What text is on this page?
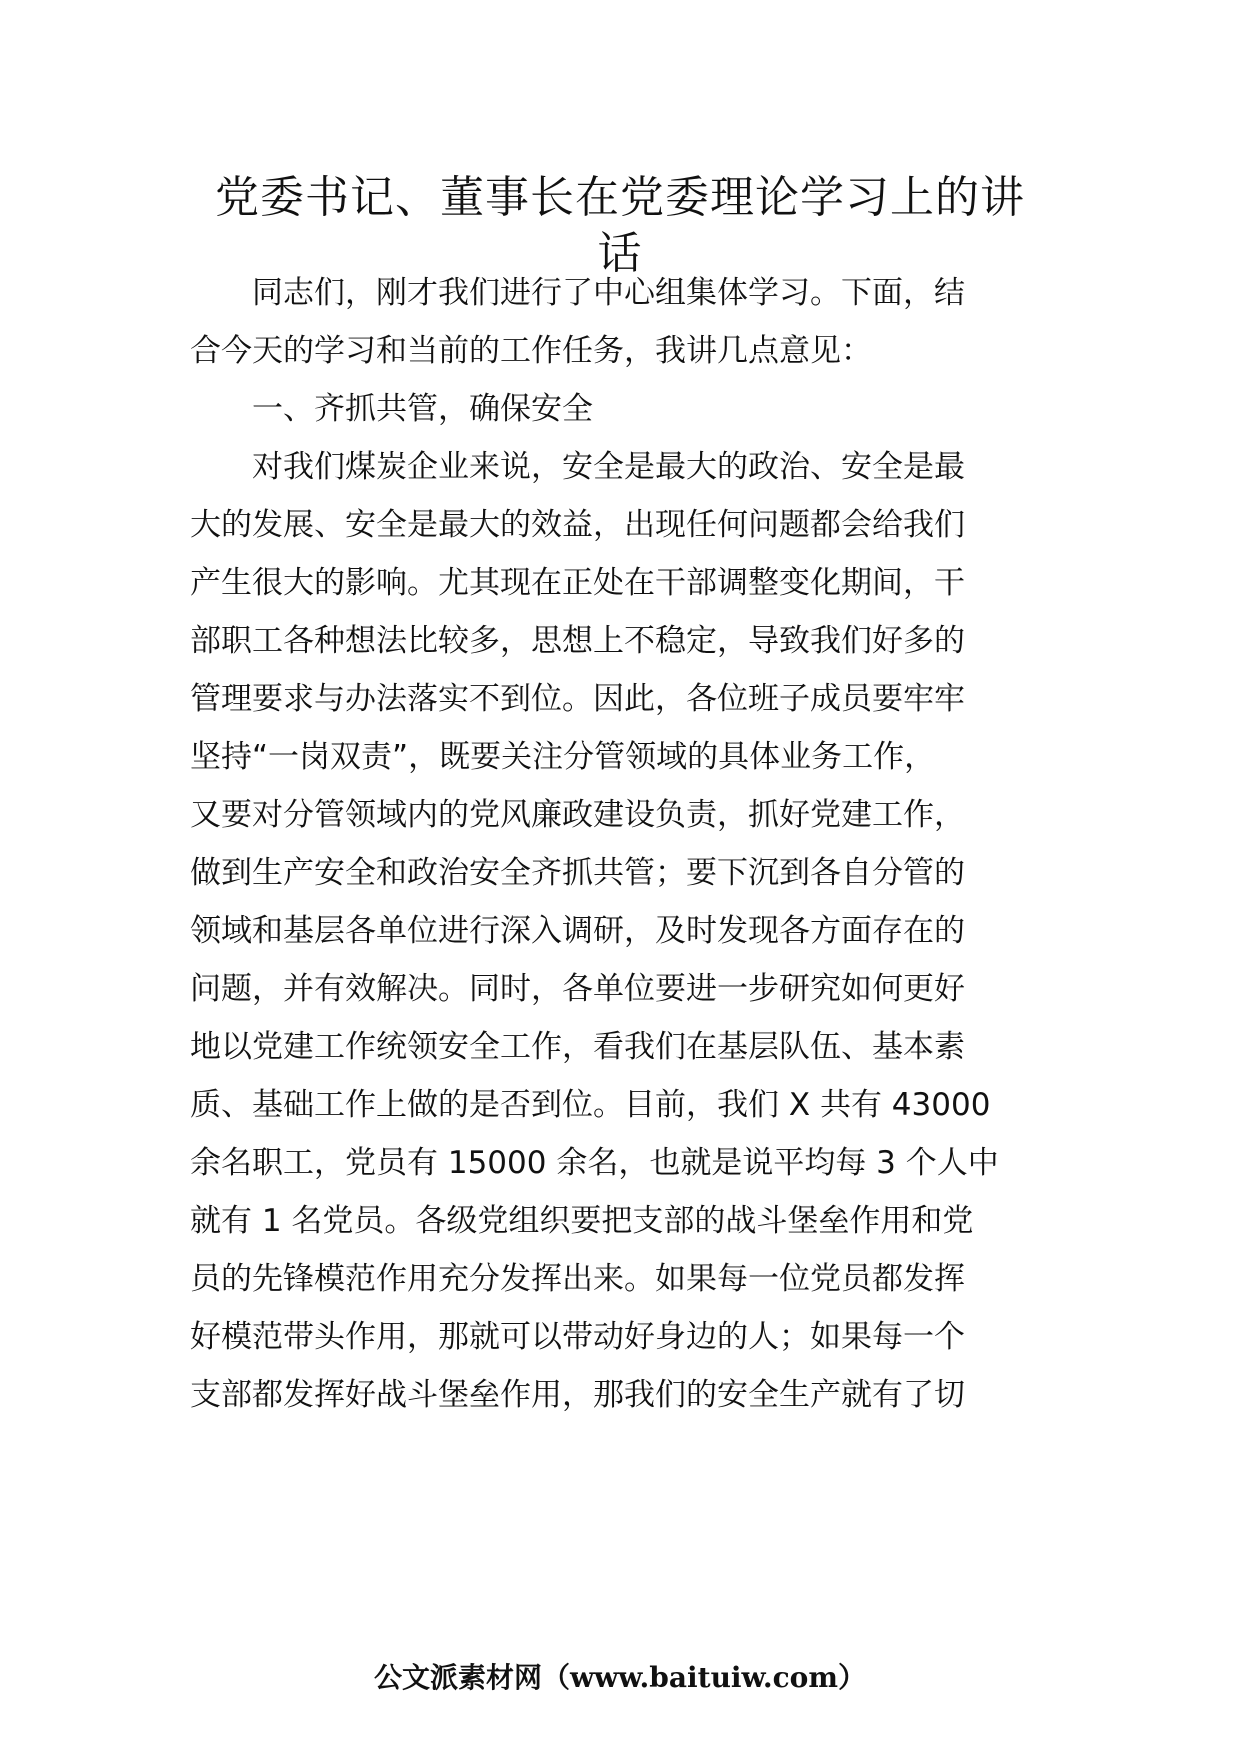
党委书记、董事长在党委理论学习上的讲
话
同志们，刚才我们进行了中心组集体学习。下面，结
合今天的学习和当前的工作任务，我讲几点意见：
一、齐抓共管，确保安全
对我们煤炭企业来说，安全是最大的政治、安全是最
大的发展、安全是最大的效益，出现任何问题都会给我们
产生很大的影响。尤其现在正处在干部调整变化期间，干
部职工各种想法比较多，思想上不稳定，导致我们好多的
管理要求与办法落实不到位。因此，各位班子成员要牢牢
坚持“一岗双责”，既要关注分管领域的具体业务工作，
又要对分管领域内的党风廉政建设负责，抓好党建工作，
做到生产安全和政治安全齐抓共管；要下沉到各自分管的
领域和基层各单位进行深入调研，及时发现各方面存在的
问题，并有效解决。同时，各单位要进一步研究如何更好
地以党建工作统领安全工作，看我们在基层队伍、基本素
质、基础工作上做的是否到位。目前，我们 X 共有 43000
余名职工，党员有 15000 余名，也就是说平均每 3 个人中
就有 1 名党员。各级党组织要把支部的战斗堡垒作用和党
员的先锋模范作用充分发挥出来。如果每一位党员都发挥
好模范带头作用，那就可以带动好身边的人；如果每一个
支部都发挥好战斗堡垒作用，那我们的安全生产就有了切
公文派素材网（www.baituiw.com）
